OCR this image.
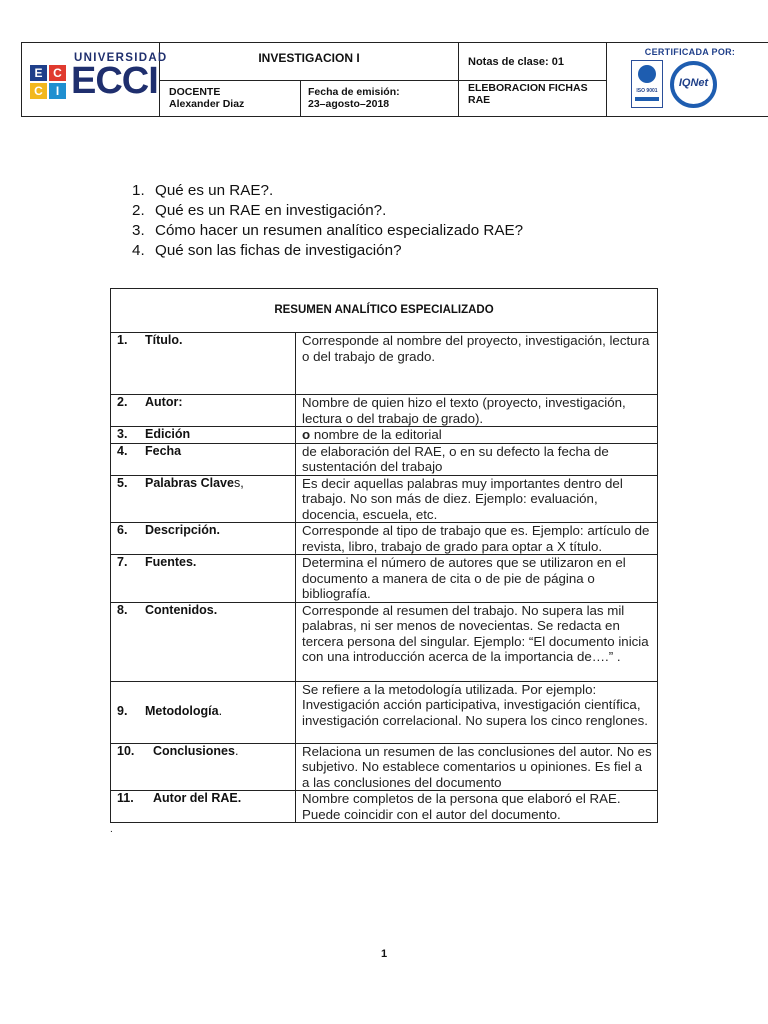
E C
C	I
UNIVERSIDAD
ECCI
INVESTIGACION I	Notas de clase: 01
DOCENTE
Alexander Diaz
Fecha de emisión:
23–agosto–2018
ELEBORACION FICHAS RAE
CERTIFICADA POR:
ISO 9001
IQNet
1. Qué es un RAE?.
2. Qué es un RAE en investigación?.
3. Cómo hacer un resumen analítico especializado RAE?
4. Qué son las fichas de investigación?
RESUMEN ANALÍTICO ESPECIALIZADO	
1. Título.	Corresponde al nombre del proyecto, investigación, lectura o del trabajo de grado.
2. Autor:	Nombre de quien hizo el texto (proyecto, investigación, lectura o del trabajo de grado).
3. Edición	o nombre de la editorial
4. Fecha	de elaboración del RAE, o en su defecto la fecha de sustentación del trabajo
5. Palabras Claves,	Es decir aquellas palabras muy importantes dentro del trabajo. No son más de diez. Ejemplo: evaluación, docencia, escuela, etc.
6. Descripción.	Corresponde al tipo de trabajo que es. Ejemplo: artículo de revista, libro, trabajo de grado para optar a X título.
7. Fuentes.	Determina el número de autores que se utilizaron en el documento a manera de cita o de pie de página o bibliografía.
8. Contenidos.	Corresponde al resumen del trabajo. No supera las mil palabras, ni ser menos de novecientas. Se redacta en tercera persona del singular. Ejemplo: “El documento inicia con una introducción acerca de la importancia de….” .
9. Metodología.	Se refiere a la metodología utilizada. Por ejemplo: Investigación acción participativa, investigación científica, investigación correlacional. No supera los cinco renglones.
10. Conclusiones.	Relaciona un resumen de las conclusiones del autor. No es subjetivo. No establece comentarios u opiniones. Es fiel a a las conclusiones del documento
11. Autor del RAE.	Nombre completos de la persona que elaboró el RAE. Puede coincidir con el autor del documento.
.
1
